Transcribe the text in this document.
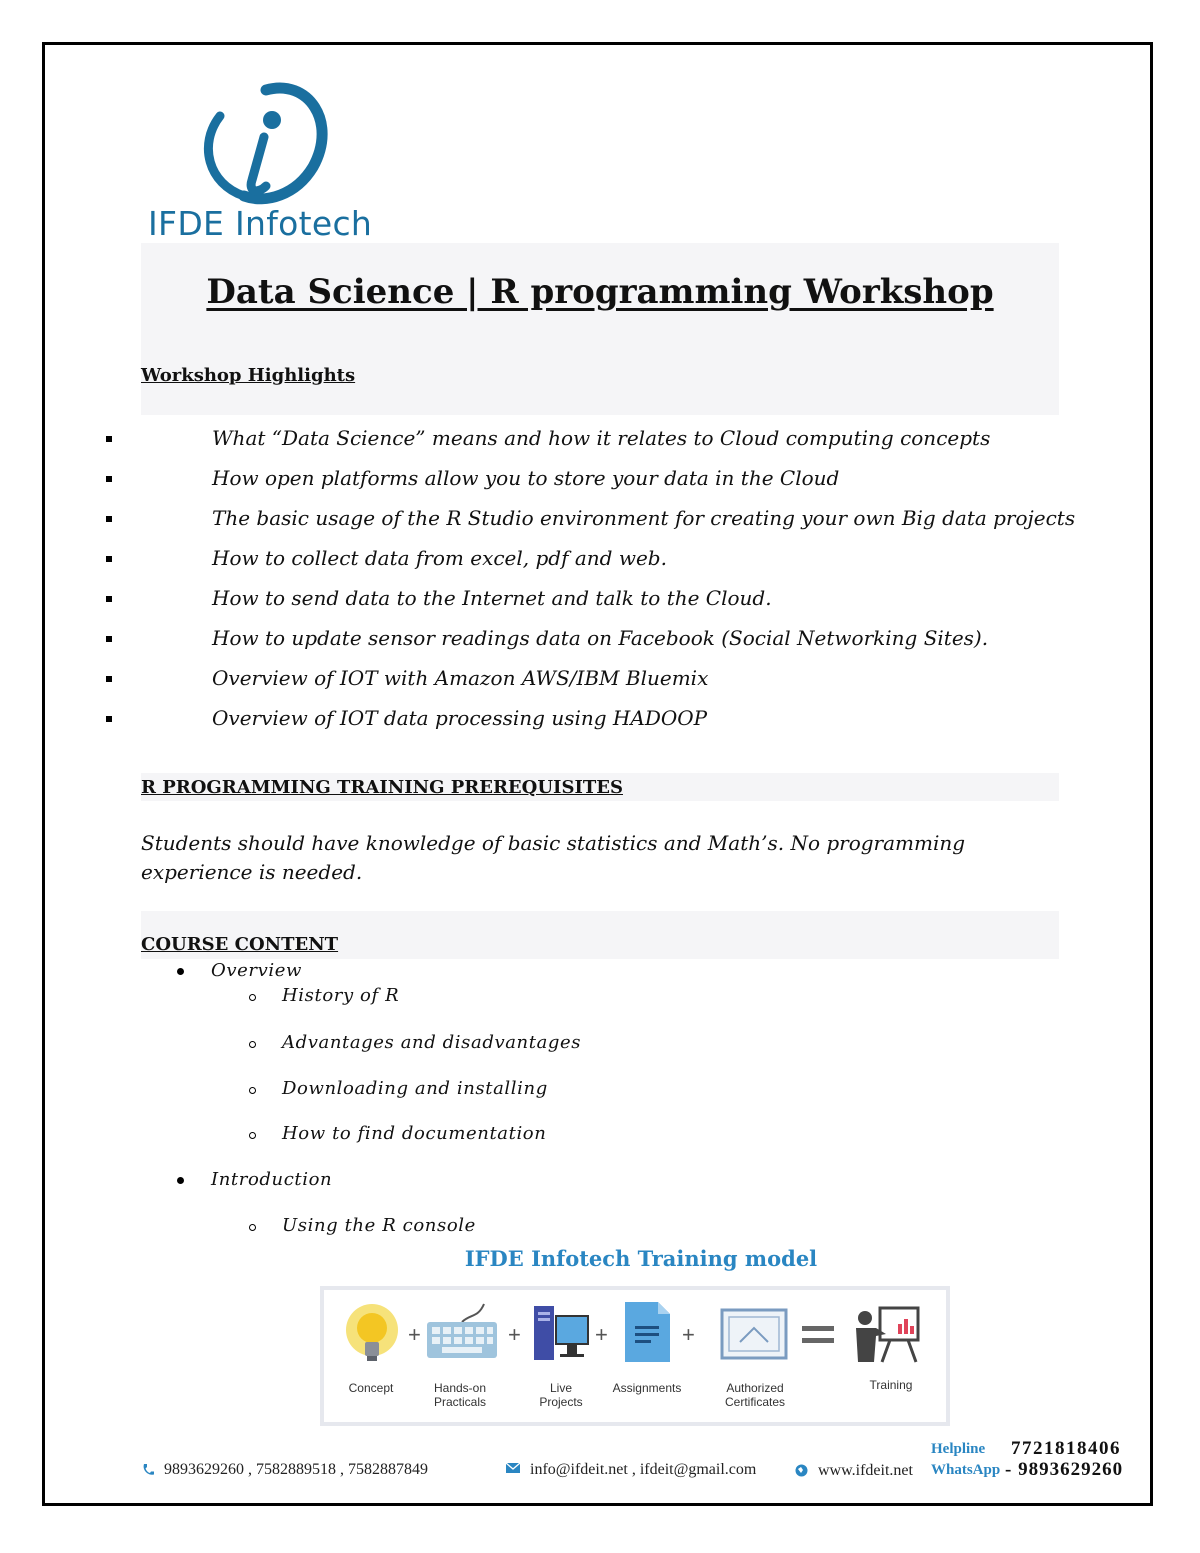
IFDE Infotech
Data Science | R programming Workshop
Workshop Highlights
What “Data Science” means and how it relates to Cloud computing concepts
How open platforms allow you to store your data in the Cloud
The basic usage of the R Studio environment for creating your own Big data projects
How to collect data from excel, pdf and web.
How to send data to the Internet and talk to the Cloud.
How to update sensor readings data on Facebook (Social Networking Sites).
Overview of IOT with Amazon AWS/IBM Bluemix
Overview of IOT data processing using HADOOP
R PROGRAMMING TRAINING PREREQUISITES
Students should have knowledge of basic statistics and Math’s. No programming experience is needed.
COURSE CONTENT
Overview
History of R
Advantages and disadvantages
Downloading and installing
How to find documentation
Introduction
Using the R console
IFDE Infotech Training model
+	+	+	+
Concept	Hands-on Practicals
Live Projects
Assignments	Authorized Certificates
Training
9893629260 , 7582889518 , 7582887849	info@ifdeit.net , ifdeit@gmail.com	www.ifdeit.net
Helpline 7721818406
WhatsApp - 9893629260
